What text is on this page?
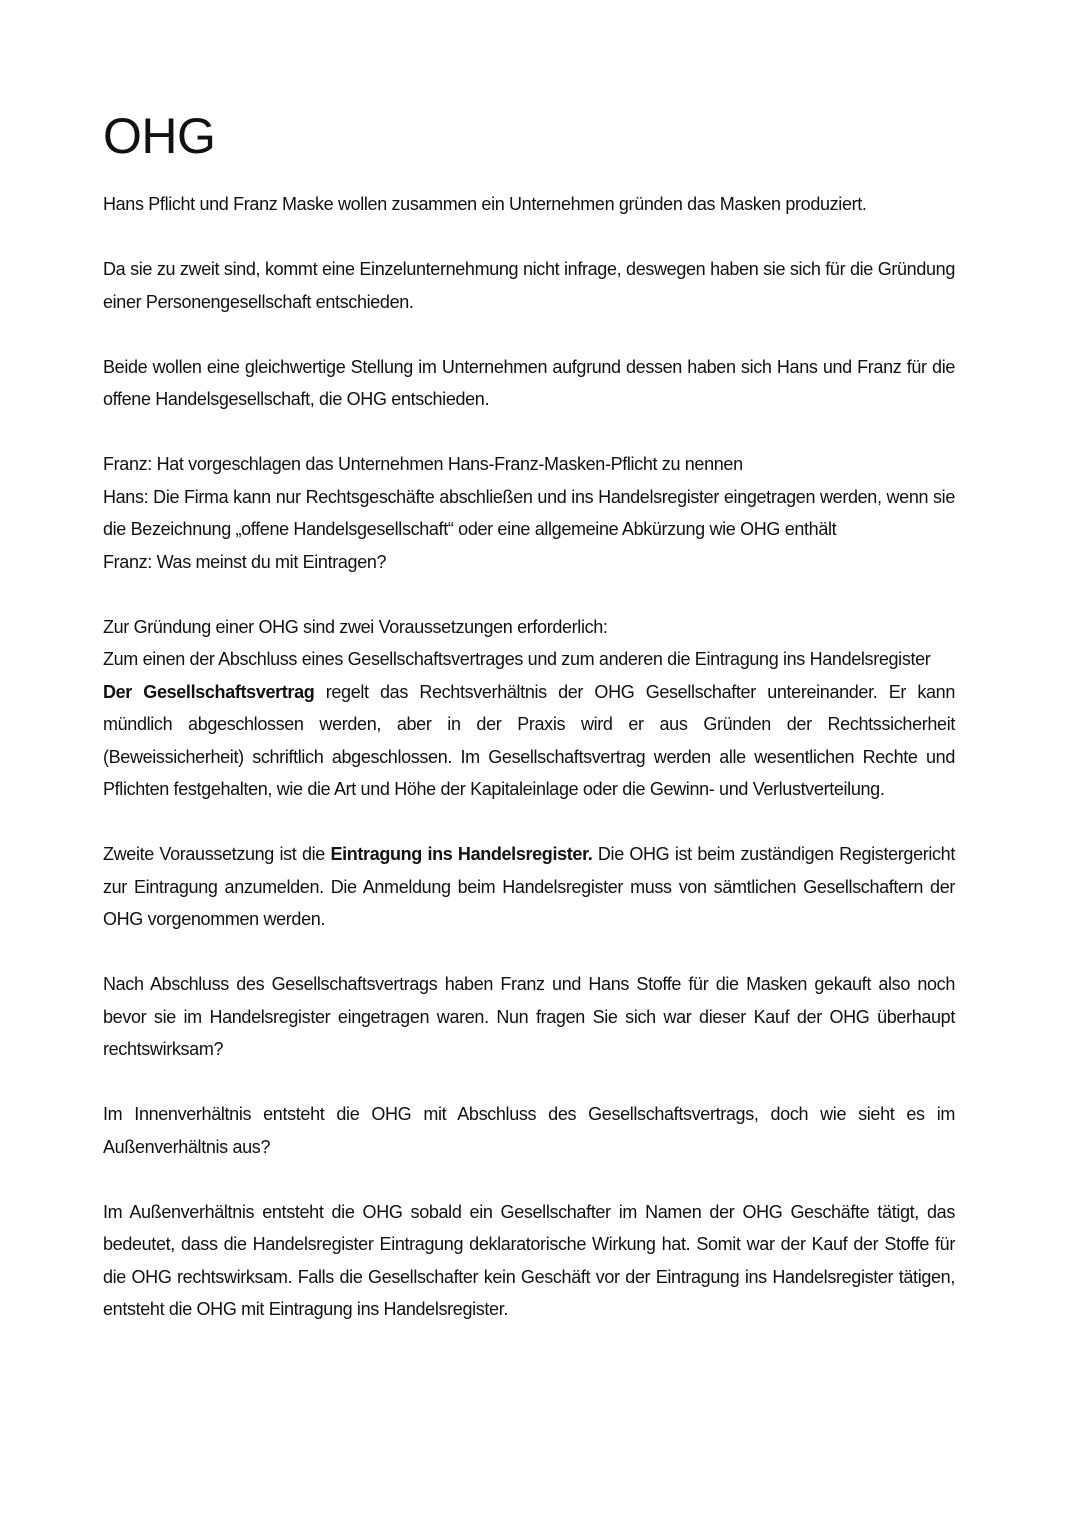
OHG

Hans Pflicht und Franz Maske wollen zusammen ein Unternehmen gründen das Masken produziert.

Da sie zu zweit sind, kommt eine Einzelunternehmung nicht infrage, deswegen haben sie sich für die Gründung einer Personengesellschaft entschieden.

Beide wollen eine gleichwertige Stellung im Unternehmen aufgrund dessen haben sich Hans und Franz für die offene Handelsgesellschaft, die OHG entschieden.

Franz: Hat vorgeschlagen das Unternehmen Hans-Franz-Masken-Pflicht zu nennen

Hans: Die Firma kann nur Rechtsgeschäfte abschließen und ins Handelsregister eingetragen werden, wenn sie die Bezeichnung „offene Handelsgesellschaft“ oder eine allgemeine Abkürzung wie OHG enthält

Franz: Was meinst du mit Eintragen?

Zur Gründung einer OHG sind zwei Voraussetzungen erforderlich:

Zum einen der Abschluss eines Gesellschaftsvertrages und zum anderen die Eintragung ins Handelsregister

Der Gesellschaftsvertrag regelt das Rechtsverhältnis der OHG Gesellschafter untereinander. Er kann mündlich abgeschlossen werden, aber in der Praxis wird er aus Gründen der Rechtssicherheit (Beweissicherheit) schriftlich abgeschlossen. Im Gesellschaftsvertrag werden alle wesentlichen Rechte und Pflichten festgehalten, wie die Art und Höhe der Kapitaleinlage oder die Gewinn- und Verlustverteilung.

Zweite Voraussetzung ist die Eintragung ins Handelsregister. Die OHG ist beim zuständigen Registergericht zur Eintragung anzumelden. Die Anmeldung beim Handelsregister muss von sämtlichen Gesellschaftern der OHG vorgenommen werden.

Nach Abschluss des Gesellschaftsvertrags haben Franz und Hans Stoffe für die Masken gekauft also noch bevor sie im Handelsregister eingetragen waren. Nun fragen Sie sich war dieser Kauf der OHG überhaupt rechtswirksam?

Im Innenverhältnis entsteht die OHG mit Abschluss des Gesellschaftsvertrags, doch wie sieht es im Außenverhältnis aus?

Im Außenverhältnis entsteht die OHG sobald ein Gesellschafter im Namen der OHG Geschäfte tätigt, das bedeutet, dass die Handelsregister Eintragung deklaratorische Wirkung hat. Somit war der Kauf der Stoffe für die OHG rechtswirksam. Falls die Gesellschafter kein Geschäft vor der Eintragung ins Handelsregister tätigen, entsteht die OHG mit Eintragung ins Handelsregister.
